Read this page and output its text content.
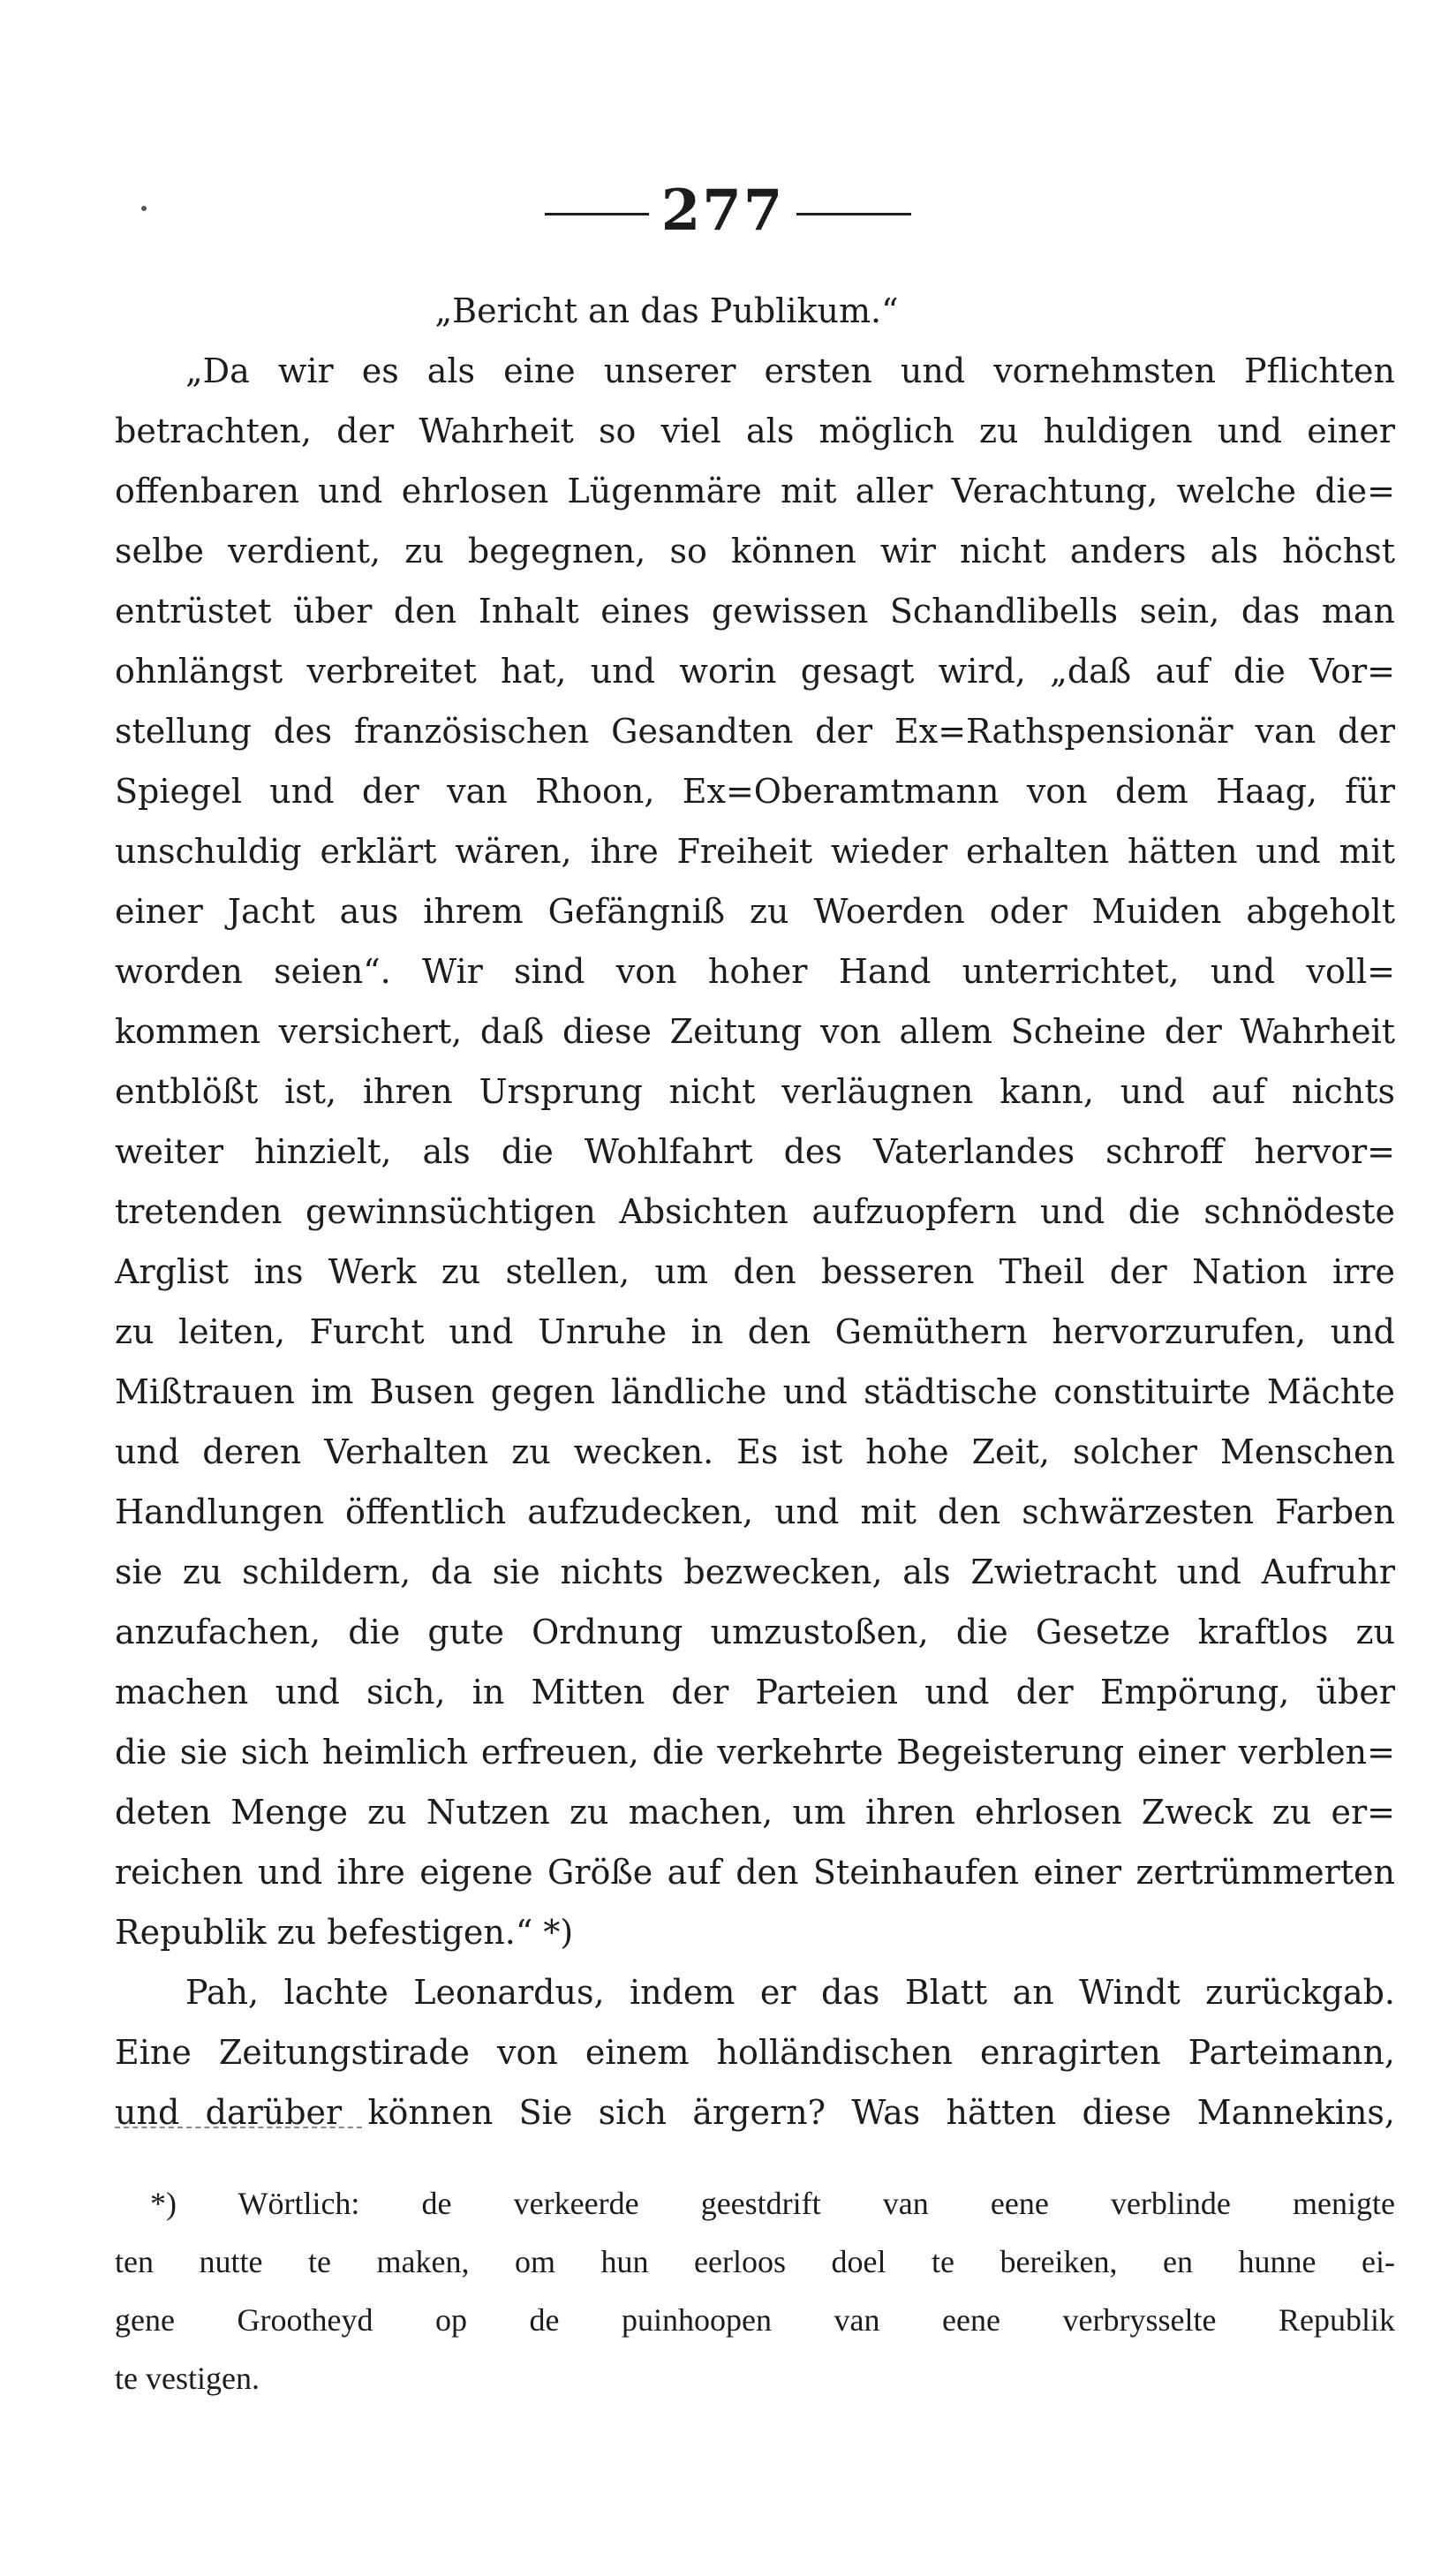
277
„Bericht an das Publikum.“
„Da wir es als eine unserer ersten und vornehmsten Pflichten
betrachten, der Wahrheit so viel als möglich zu huldigen und einer
offenbaren und ehrlosen Lügenmäre mit aller Verachtung, welche die=
selbe verdient, zu begegnen, so können wir nicht anders als höchst
entrüstet über den Inhalt eines gewissen Schandlibells sein, das man
ohnlängst verbreitet hat, und worin gesagt wird, „daß auf die Vor=
stellung des französischen Gesandten der Ex=Rathspensionär van der
Spiegel und der van Rhoon, Ex=Oberamtmann von dem Haag, für
unschuldig erklärt wären, ihre Freiheit wieder erhalten hätten und mit
einer Jacht aus ihrem Gefängniß zu Woerden oder Muiden abgeholt
worden seien“. Wir sind von hoher Hand unterrichtet, und voll=
kommen versichert, daß diese Zeitung von allem Scheine der Wahrheit
entblößt ist, ihren Ursprung nicht verläugnen kann, und auf nichts
weiter hinzielt, als die Wohlfahrt des Vaterlandes schroff hervor=
tretenden gewinnsüchtigen Absichten aufzuopfern und die schnödeste
Arglist ins Werk zu stellen, um den besseren Theil der Nation irre
zu leiten, Furcht und Unruhe in den Gemüthern hervorzurufen, und
Mißtrauen im Busen gegen ländliche und städtische constituirte Mächte
und deren Verhalten zu wecken. Es ist hohe Zeit, solcher Menschen
Handlungen öffentlich aufzudecken, und mit den schwärzesten Farben
sie zu schildern, da sie nichts bezwecken, als Zwietracht und Aufruhr
anzufachen, die gute Ordnung umzustoßen, die Gesetze kraftlos zu
machen und sich, in Mitten der Parteien und der Empörung, über
die sie sich heimlich erfreuen, die verkehrte Begeisterung einer verblen=
deten Menge zu Nutzen zu machen, um ihren ehrlosen Zweck zu er=
reichen und ihre eigene Größe auf den Steinhaufen einer zertrümmerten
Republik zu befestigen.“ *)
Pah, lachte Leonardus, indem er das Blatt an Windt zurückgab.
Eine Zeitungstirade von einem holländischen enragirten Parteimann,
und darüber können Sie sich ärgern? Was hätten diese Mannekins,
*) Wörtlich: de verkeerde geestdrift van eene verblinde menigte
ten nutte te maken, om hun eerloos doel te bereiken, en hunne ei-
gene Grootheyd op de puinhoopen van eene verbrysselte Republik
te vestigen.
